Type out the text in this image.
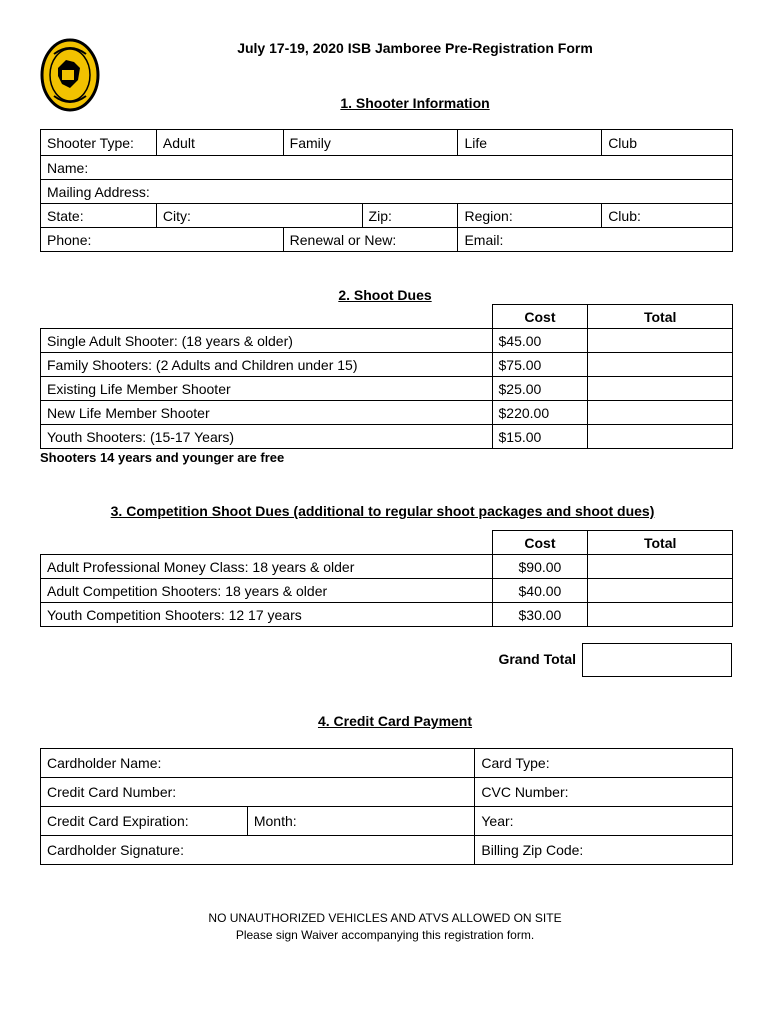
July 17-19, 2020 ISB Jamboree Pre-Registration Form
1. Shooter Information
Shooter Type:	Adult	Family		Life	Club
Name:					
Mailing Address:					
State:	City:		Zip:	Region:	Club:
Phone:		Renewal or New:		Email:	
2. Shoot Dues
	Cost	Total
Single Adult Shooter: (18 years & older)	$45.00	
Family Shooters: (2 Adults and Children under 15)	$75.00	
Existing Life Member Shooter	$25.00	
New Life Member Shooter	$220.00	
Youth Shooters: (15-17 Years)	$15.00	
Shooters 14 years and younger are free
3. Competition Shoot Dues (additional to regular shoot packages and shoot dues)
	Cost	Total
Adult Professional Money Class: 18 years & older	$90.00	
Adult Competition Shooters: 18 years & older	$40.00	
Youth Competition Shooters: 12 17 years	$30.00	
Grand Total
4. Credit Card Payment
Cardholder Name:		Card Type:
Credit Card Number:		CVC Number:
Credit Card Expiration:	Month:	Year:
Cardholder Signature:		Billing Zip Code:
NO UNAUTHORIZED VEHICLES AND ATVS ALLOWED ON SITE
Please sign Waiver accompanying this registration form.
